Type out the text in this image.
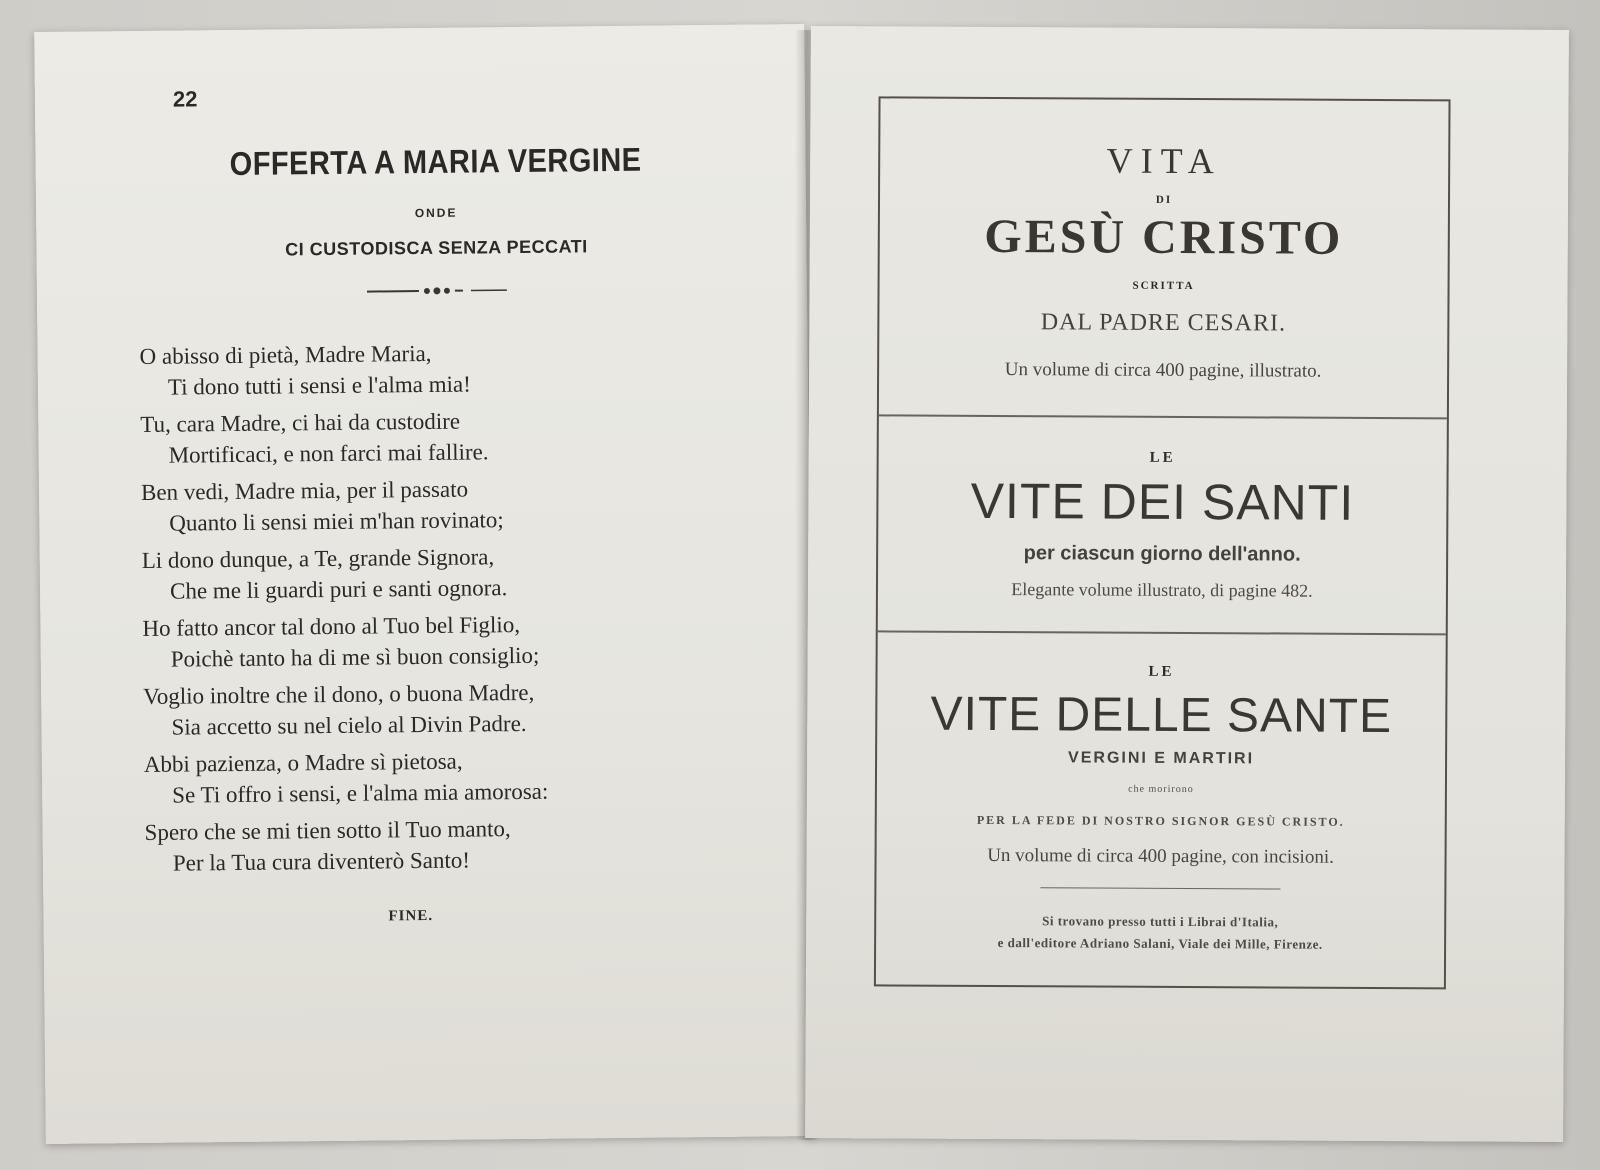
22
OFFERTA A MARIA VERGINE
ONDE
CI CUSTODISCA SENZA PECCATI
O abisso di pietà, Madre Maria,
Ti dono tutti i sensi e l'alma mia!
Tu, cara Madre, ci hai da custodire
Mortificaci, e non farci mai fallire.
Ben vedi, Madre mia, per il passato
Quanto li sensi miei m'han rovinato;
Li dono dunque, a Te, grande Signora,
Che me li guardi puri e santi ognora.
Ho fatto ancor tal dono al Tuo bel Figlio,
Poichè tanto ha di me sì buon consiglio;
Voglio inoltre che il dono, o buona Madre,
Sia accetto su nel cielo al Divin Padre.
Abbi pazienza, o Madre sì pietosa,
Se Ti offro i sensi, e l'alma mia amorosa:
Spero che se mi tien sotto il Tuo manto,
Per la Tua cura diventerò Santo!
FINE.
VITA
DI
GESÙ CRISTO
SCRITTA
DAL PADRE CESARI.
Un volume di circa 400 pagine, illustrato.
LE
VITE DEI SANTI
per ciascun giorno dell'anno.
Elegante volume illustrato, di pagine 482.
LE
VITE DELLE SANTE
VERGINI E MARTIRI
che morirono
PER LA FEDE DI NOSTRO SIGNOR GESÙ CRISTO.
Un volume di circa 400 pagine, con incisioni.
Si trovano presso tutti i Librai d'Italia,
e dall'editore Adriano Salani, Viale dei Mille, Firenze.
